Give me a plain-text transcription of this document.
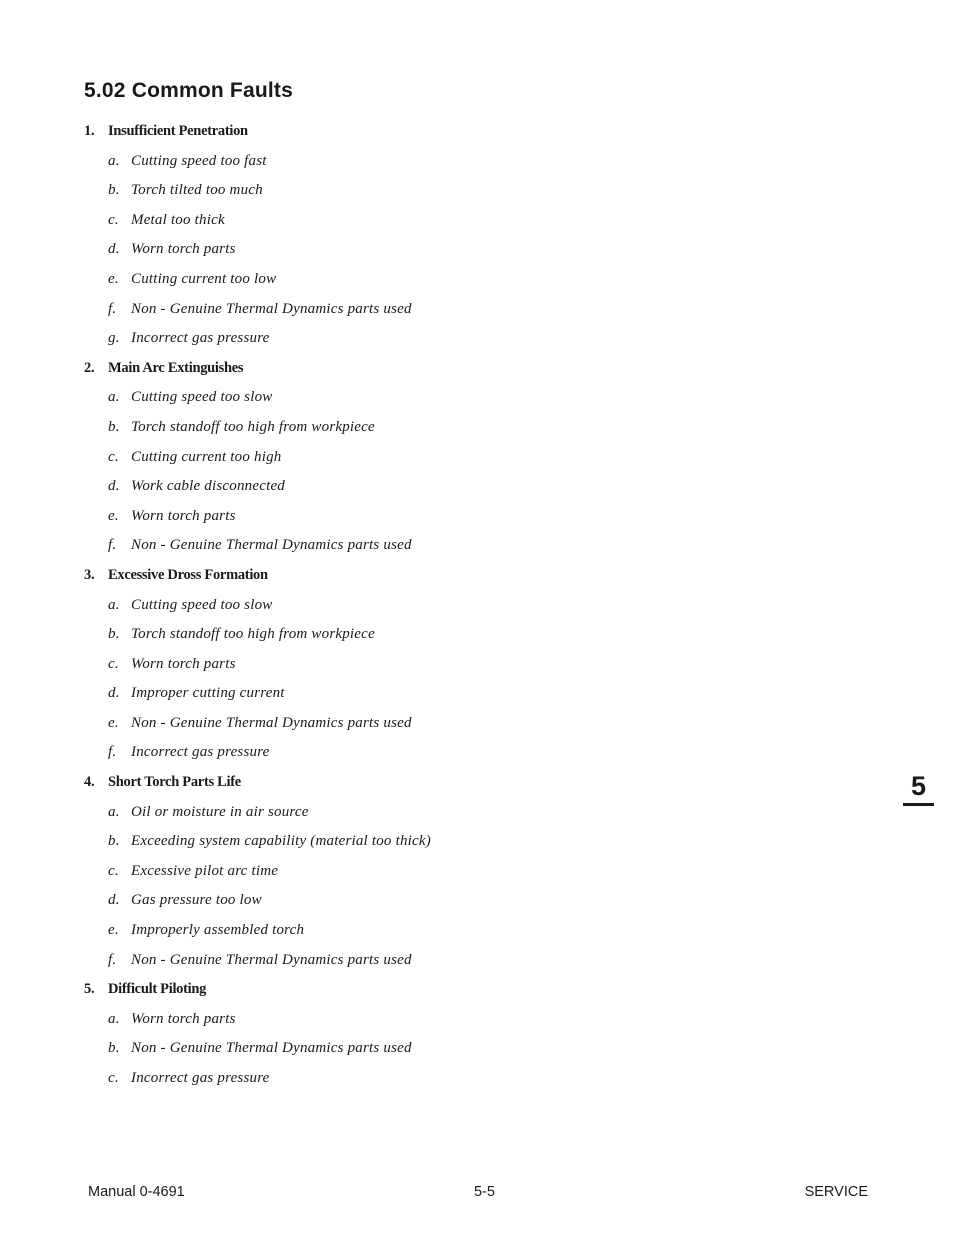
5.02 Common Faults
1. Insufficient Penetration
a. Cutting speed too fast
b. Torch tilted too much
c. Metal too thick
d. Worn torch parts
e. Cutting current too low
f. Non - Genuine Thermal Dynamics parts used
g. Incorrect gas pressure
2. Main Arc Extinguishes
a. Cutting speed too slow
b. Torch standoff too high from workpiece
c. Cutting current too high
d. Work cable disconnected
e. Worn torch parts
f. Non - Genuine Thermal Dynamics parts used
3. Excessive Dross Formation
a. Cutting speed too slow
b. Torch standoff too high from workpiece
c. Worn torch parts
d. Improper cutting current
e. Non - Genuine Thermal Dynamics parts used
f. Incorrect gas pressure
4. Short Torch Parts Life
a. Oil or moisture in air source
b. Exceeding system capability (material too thick)
c. Excessive pilot arc time
d. Gas pressure too low
e. Improperly assembled torch
f. Non - Genuine Thermal Dynamics parts used
5. Difficult Piloting
a. Worn torch parts
b. Non - Genuine Thermal Dynamics parts used
c. Incorrect gas pressure
5
Manual 0-4691	5-5	SERVICE
